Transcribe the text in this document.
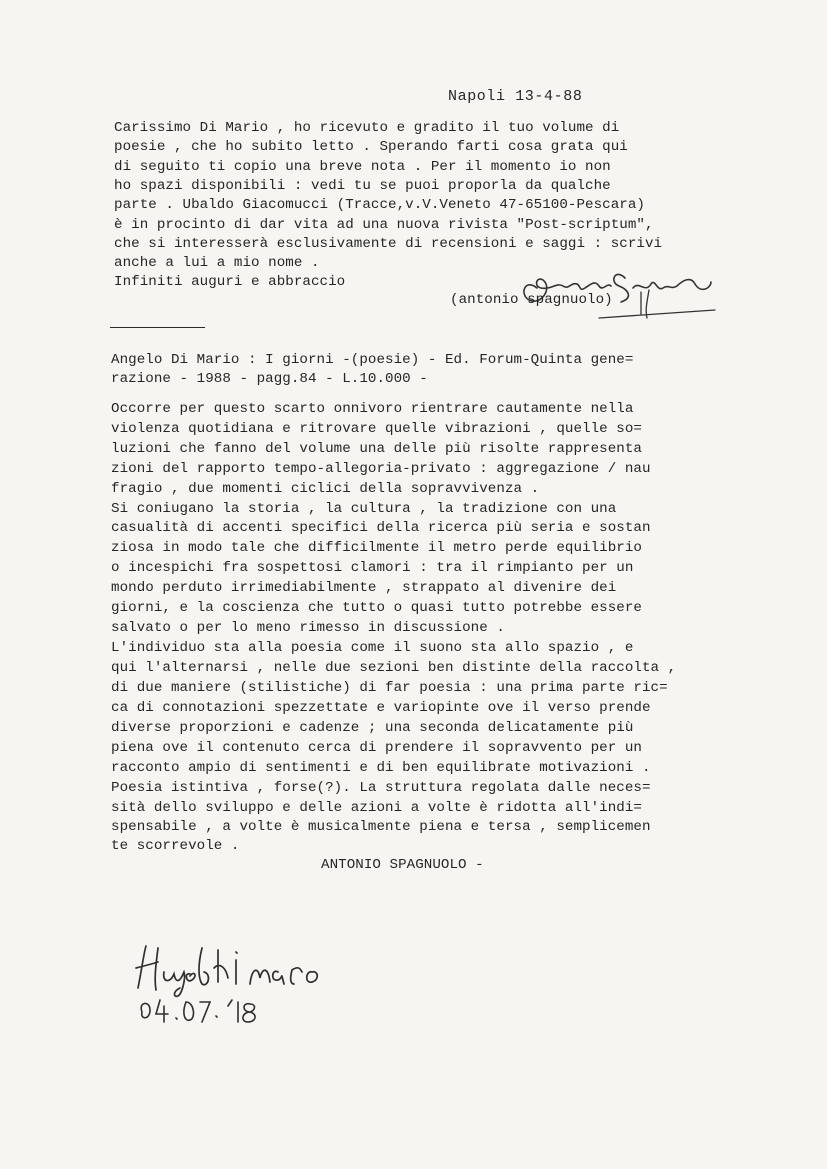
Napoli 13-4-88
Carissimo Di Mario , ho ricevuto e gradito il tuo volume di
poesie , che ho subito letto . Sperando farti cosa grata qui
di seguito ti copio una breve nota . Per il momento io non
ho spazi disponibili : vedi tu se puoi proporla da qualche
parte . Ubaldo Giacomucci (Tracce,v.V.Veneto 47-65100-Pescara)
è in procinto di dar vita ad una nuova rivista "Post-scriptum",
che si interesserà esclusivamente di recensioni e saggi : scrivi
anche a lui a mio nome .
Infiniti auguri e abbraccio
(antonio spagnuolo)
Angelo Di Mario : I giorni -(poesie) - Ed. Forum-Quinta gene=
razione - 1988 - pagg.84 - L.10.000 -
Occorre per questo scarto onnivoro rientrare cautamente nella
violenza quotidiana e ritrovare quelle vibrazioni , quelle so=
luzioni che fanno del volume una delle più risolte rappresenta
zioni del rapporto tempo-allegoria-privato : aggregazione / nau
fragio , due momenti ciclici della sopravvivenza .
Si coniugano la storia , la cultura , la tradizione con una
casualità di accenti specifici della ricerca più seria e sostan
ziosa in modo tale che difficilmente il metro perde equilibrio
o incespichi fra sospettosi clamori : tra il rimpianto per un
mondo perduto irrimediabilmente , strappato al divenire dei
giorni, e la coscienza che tutto o quasi tutto potrebbe essere
salvato o per lo meno rimesso in discussione .
L'individuo sta alla poesia come il suono sta allo spazio , e
qui l'alternarsi , nelle due sezioni ben distinte della raccolta ,
di due maniere (stilistiche) di far poesia : una prima parte ric=
ca di connotazioni spezzettate e variopinte ove il verso prende
diverse proporzioni e cadenze ; una seconda delicatamente più
piena ove il contenuto cerca di prendere il sopravvento per un
racconto ampio di sentimenti e di ben equilibrate motivazioni .
Poesia istintiva , forse(?). La struttura regolata dalle neces=
sità dello sviluppo e delle azioni a volte è ridotta all'indi=
spensabile , a volte è musicalmente piena e tersa , semplicemen
te scorrevole .
ANTONIO SPAGNUOLO -
